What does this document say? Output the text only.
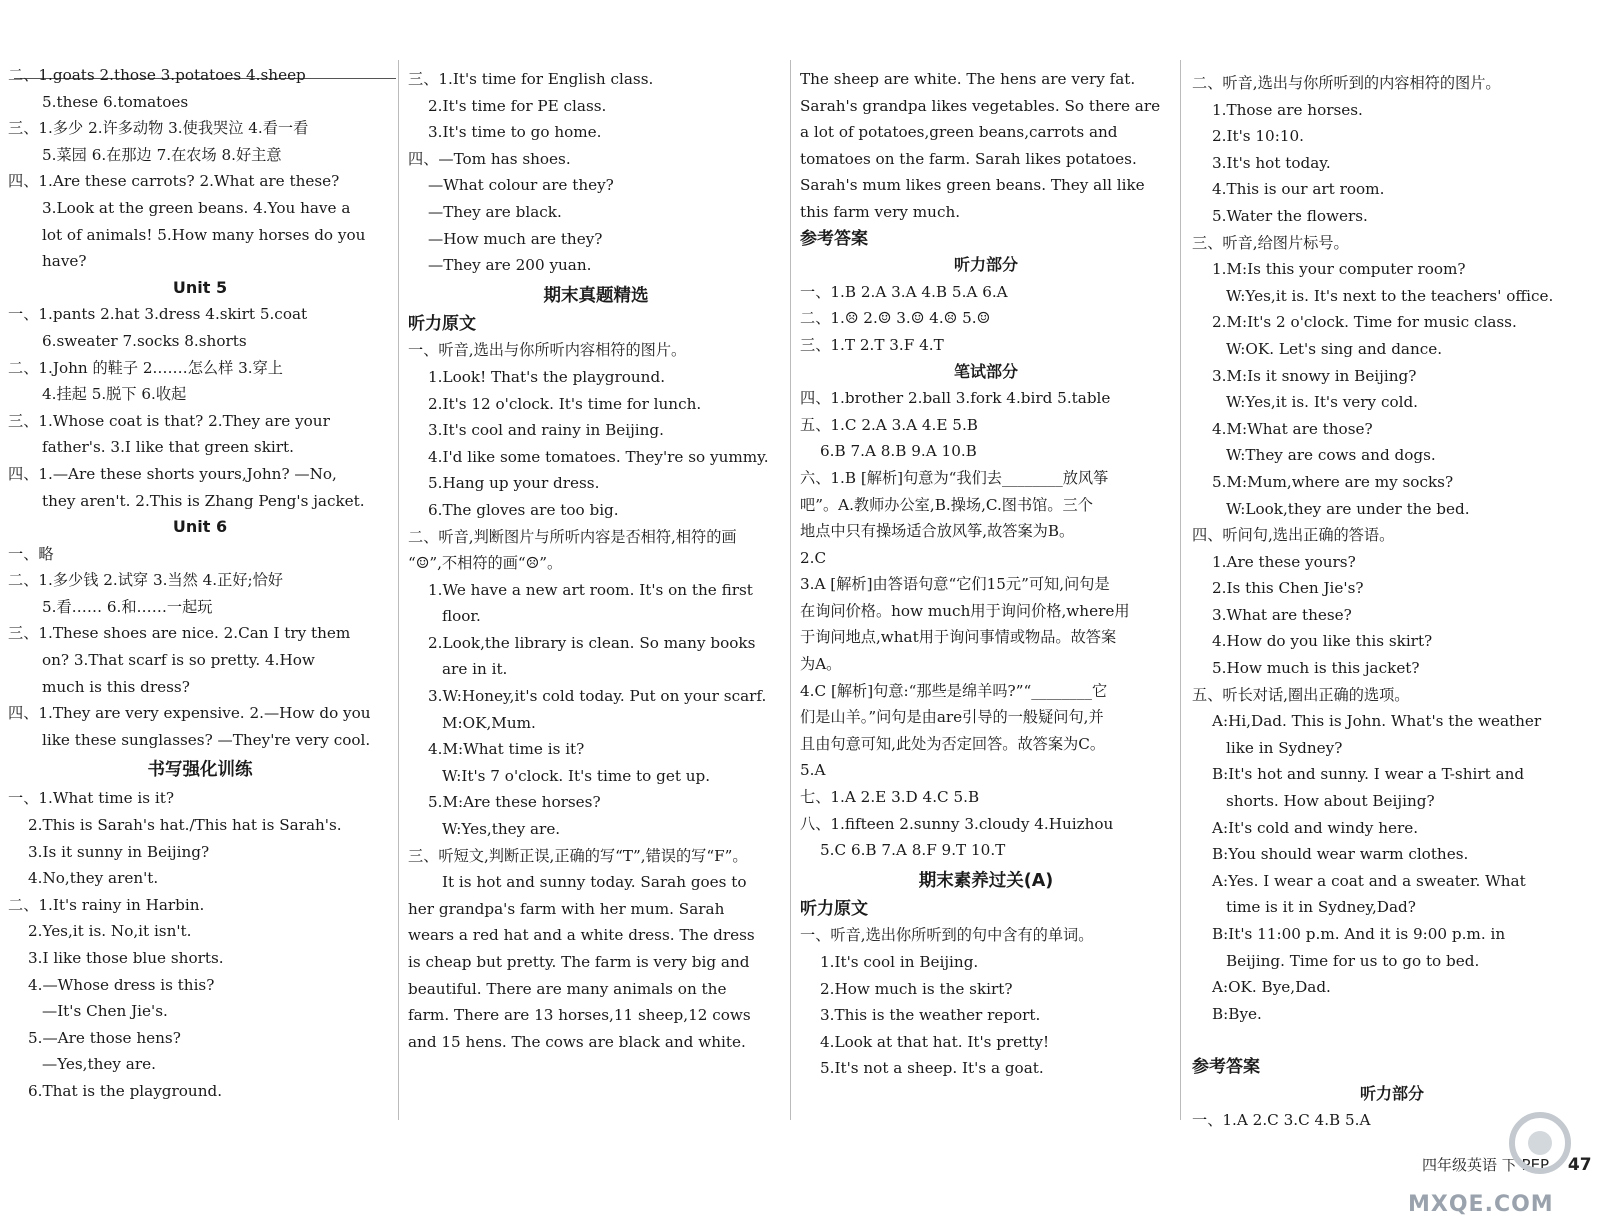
二、1.goats 2.those 3.potatoes 4.sheep
5.these 6.tomatoes
三、1.多少 2.许多动物 3.使我哭泣 4.看一看
5.菜园 6.在那边 7.在农场 8.好主意
四、1.Are these carrots? 2.What are these?
3.Look at the green beans. 4.You have a
lot of animals! 5.How many horses do you
have?
Unit 5
一、1.pants 2.hat 3.dress 4.skirt 5.coat
6.sweater 7.socks 8.shorts
二、1.John 的鞋子 2.……怎么样 3.穿上
4.挂起 5.脱下 6.收起
三、1.Whose coat is that? 2.They are your
father's. 3.I like that green skirt.
四、1.—Are these shorts yours,John? —No,
they aren't. 2.This is Zhang Peng's jacket.
Unit 6
一、略
二、1.多少钱 2.试穿 3.当然 4.正好;恰好
5.看…… 6.和……一起玩
三、1.These shoes are nice. 2.Can I try them
on? 3.That scarf is so pretty. 4.How
much is this dress?
四、1.They are very expensive. 2.—How do you
like these sunglasses? —They're very cool.
书写强化训练
一、1.What time is it?
2.This is Sarah's hat./This hat is Sarah's.
3.Is it sunny in Beijing?
4.No,they aren't.
二、1.It's rainy in Harbin.
2.Yes,it is. No,it isn't.
3.I like those blue shorts.
4.—Whose dress is this?
—It's Chen Jie's.
5.—Are those hens?
—Yes,they are.
6.That is the playground.
三、1.It's time for English class.
2.It's time for PE class.
3.It's time to go home.
四、—Tom has shoes.
—What colour are they?
—They are black.
—How much are they?
—They are 200 yuan.
期末真题精选
听力原文
一、听音,选出与你所听内容相符的图片。
1.Look! That's the playground.
2.It's 12 o'clock. It's time for lunch.
3.It's cool and rainy in Beijing.
4.I'd like some tomatoes. They're so yummy.
5.Hang up your dress.
6.The gloves are too big.
二、听音,判断图片与所听内容是否相符,相符的画
“☺”,不相符的画“☹”。
1.We have a new art room. It's on the first
floor.
2.Look,the library is clean. So many books
are in it.
3.W:Honey,it's cold today. Put on your scarf.
M:OK,Mum.
4.M:What time is it?
W:It's 7 o'clock. It's time to get up.
5.M:Are these horses?
W:Yes,they are.
三、听短文,判断正误,正确的写“T”,错误的写“F”。
It is hot and sunny today. Sarah goes to
her grandpa's farm with her mum. Sarah
wears a red hat and a white dress. The dress
is cheap but pretty. The farm is very big and
beautiful. There are many animals on the
farm. There are 13 horses,11 sheep,12 cows
and 15 hens. The cows are black and white.
The sheep are white. The hens are very fat.
Sarah's grandpa likes vegetables. So there are
a lot of potatoes,green beans,carrots and
tomatoes on the farm. Sarah likes potatoes.
Sarah's mum likes green beans. They all like
this farm very much.
参考答案
听力部分
一、1.B 2.A 3.A 4.B 5.A 6.A
二、1.☹ 2.☺ 3.☺ 4.☹ 5.☺
三、1.T 2.T 3.F 4.T
笔试部分
四、1.brother 2.ball 3.fork 4.bird 5.table
五、1.C 2.A 3.A 4.E 5.B
6.B 7.A 8.B 9.A 10.B
六、1.B [解析]句意为“我们去________放风筝
吧”。A.教师办公室,B.操场,C.图书馆。三个
地点中只有操场适合放风筝,故答案为B。
2.C
3.A [解析]由答语句意“它们15元”可知,问句是
在询问价格。how much用于询问价格,where用
于询问地点,what用于询问事情或物品。故答案
为A。
4.C [解析]句意:“那些是绵羊吗?”“________它
们是山羊。”问句是由are引导的一般疑问句,并
且由句意可知,此处为否定回答。故答案为C。
5.A
七、1.A 2.E 3.D 4.C 5.B
八、1.fifteen 2.sunny 3.cloudy 4.Huizhou
5.C 6.B 7.A 8.F 9.T 10.T
期末素养过关(A)
听力原文
一、听音,选出你所听到的句中含有的单词。
1.It's cool in Beijing.
2.How much is the skirt?
3.This is the weather report.
4.Look at that hat. It's pretty!
5.It's not a sheep. It's a goat.
二、听音,选出与你所听到的内容相符的图片。
1.Those are horses.
2.It's 10:10.
3.It's hot today.
4.This is our art room.
5.Water the flowers.
三、听音,给图片标号。
1.M:Is this your computer room?
W:Yes,it is. It's next to the teachers' office.
2.M:It's 2 o'clock. Time for music class.
W:OK. Let's sing and dance.
3.M:Is it snowy in Beijing?
W:Yes,it is. It's very cold.
4.M:What are those?
W:They are cows and dogs.
5.M:Mum,where are my socks?
W:Look,they are under the bed.
四、听问句,选出正确的答语。
1.Are these yours?
2.Is this Chen Jie's?
3.What are these?
4.How do you like this skirt?
5.How much is this jacket?
五、听长对话,圈出正确的选项。
A:Hi,Dad. This is John. What's the weather
like in Sydney?
B:It's hot and sunny. I wear a T-shirt and
shorts. How about Beijing?
A:It's cold and windy here.
B:You should wear warm clothes.
A:Yes. I wear a coat and a sweater. What
time is it in Sydney,Dad?
B:It's 11:00 p.m. And it is 9:00 p.m. in
Beijing. Time for us to go to bed.
A:OK. Bye,Dad.
B:Bye.
参考答案
听力部分
一、1.A 2.C 3.C 4.B 5.A
四年级英语 下 PEP 47
MXQE.COM
